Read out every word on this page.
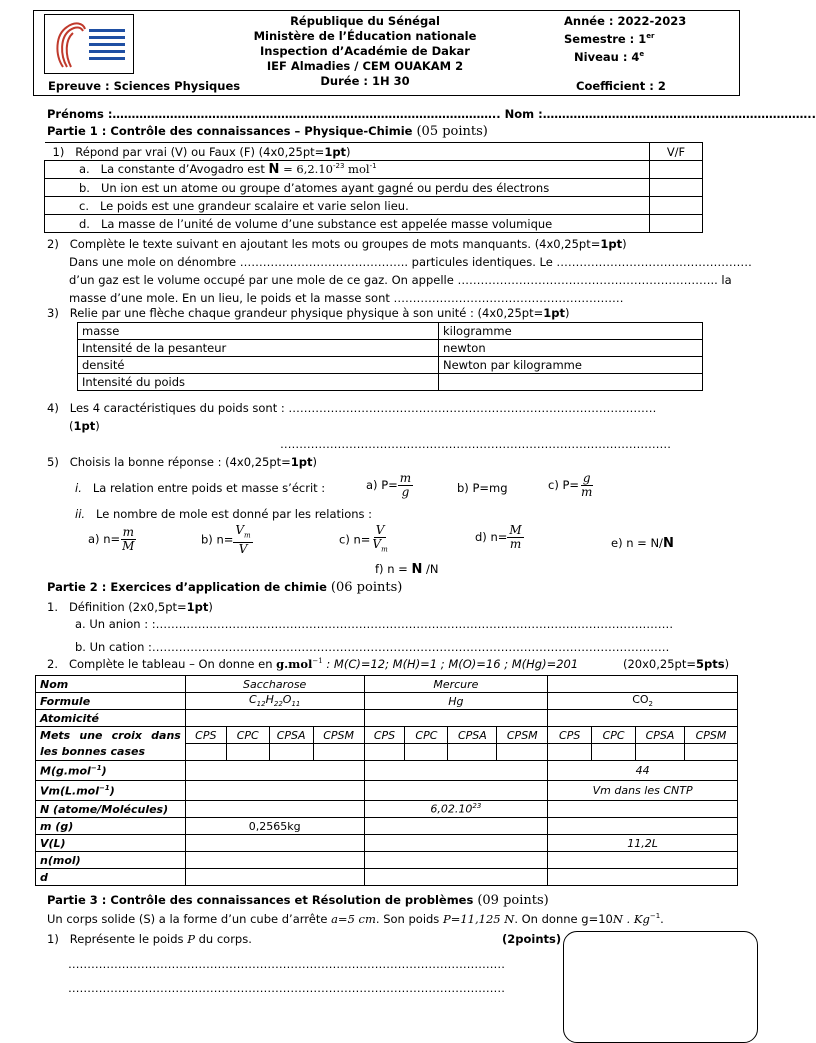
République du Sénégal
Ministère de l’Éducation nationale
Inspection d’Académie de Dakar
IEF Almadies / CEM OUAKAM 2
Durée : 1H 30
Année : 2022-2023
Semestre : 1er
Niveau : 4e
Epreuve : Sciences Physiques	Coefficient : 2
Prénoms :……………………………………………………………………………………….. Nom :……………………………………………………………..
Partie 1 : Contrôle des connaissances – Physique-Chimie (05 points)
1) Répond par vrai (V) ou Faux (F) (4x0,25pt=1pt)	V/F
a. La constante d’Avogadro est $N = 6,2.10^{-23}$ mol$^{-1}$	
b. Un ion est un atome ou groupe d’atomes ayant gagné ou perdu des électrons	
c. Le poids est une grandeur scalaire et varie selon lieu.	
d. La masse de l’unité de volume d’une substance est appelée masse volumique	
2) Complète le texte suivant en ajoutant les mots ou groupes de mots manquants. (4x0,25pt=1pt)
Dans une mole on dénombre …………………………………….. particules identiques. Le ……………………………………………
d’un gaz est le volume occupé par une mole de ce gaz. On appelle ………………………………………………………….. la
masse d’une mole. En un lieu, le poids et la masse sont ……………………………………………………
3) Relie par une flèche chaque grandeur physique physique à son unité : (4x0,25pt=1pt)
masse	kilogramme
Intensité de la pesanteur	newton
densité	Newton par kilogramme
Intensité du poids	
4) Les 4 caractéristiques du poids sont : ……………………………………………………………………………………
(1pt)
…………………………………………………………………………………………
5) Choisis la bonne réponse : (4x0,25pt=1pt)
i. La relation entre poids et masse s’écrit :	a) $P= \frac{m}{g}$	b) P=mg	c) $P= \frac{g}{m}$
ii. Le nombre de mole est donné par les relations :
a) $n= \frac{m}{M}$	b) $n= \frac{V_m}{V}$	c) $n= \frac{V}{V_m}$	d) $n= \frac{M}{m}$	e) n = N/N
f) n = N /N
Partie 2 : Exercices d’application de chimie (06 points)
1. Définition (2x0,5pt=1pt)
a. Un anion : :………………………………………………………………………………………………………………………
b. Un cation :………………………………………………………………………………………………………………………
2. Complète le tableau – On donne en g.mol$^{-1}$ : M(C)=12; M(H)=1 ; M(O)=16 ; M(Hg)=201	(20x0,25pt=5pts)
Nom	Saccharose				Mercure							
Formule	$C_{12}H_{22}O_{11}$				Hg				$CO_2$
Atomicité												
Mets une croix dans les bonnes cases	CPS	CPC	CPSA	CPSM	CPS	CPC	CPSA	CPSM	CPS	CPC	CPSA	CPSM

M(g.mol$^{-1}$)									44			
Vm(L.mol$^{-1}$)									Vm dans les CNTP			
N (atome/Molécules)					6,02.10$^{23}$	
m (g)	0,2565kg											
V(L)									11,2L			
n(mol)												
d												
Partie 3 : Contrôle des connaissances et Résolution de problèmes (09 points)
Un corps solide (S) a la forme d’un cube d’arrête a=5 cm. Son poids P=11,125 N. On donne g=10N . $Kg^{-1}$.
1) Représente le poids P du corps.	(2points)
……………………………………………………………………………………………………
……………………………………………………………………………………………………
